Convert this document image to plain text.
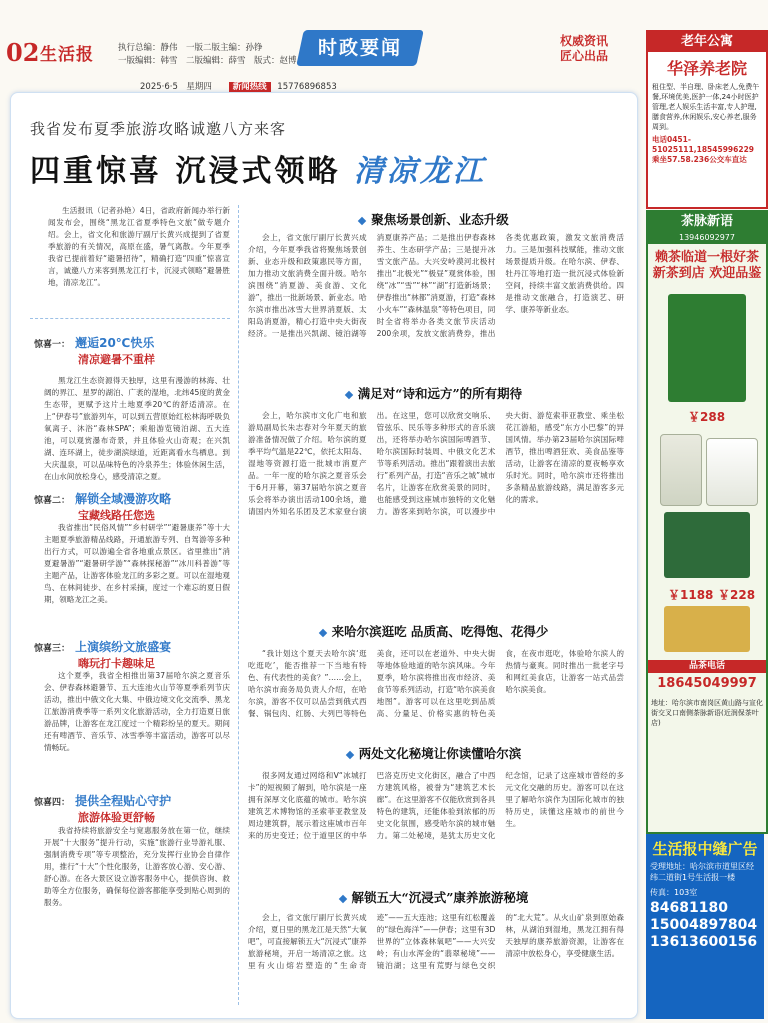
02 生活报	执行总编：静伟　一版二版主编：孙铮
一版编辑：韩雪　二版编辑：薛雪　版式：赵博
时政要闻	权威资讯
匠心出品
2025·6·5　星期四 新闻热线 15776896853
我省发布夏季旅游攻略诚邀八方来客
四重惊喜 沉浸式领略 清凉龙江

生活报讯（记者孙艳）4日，省政府新闻办举行新闻发布会，围绕“黑龙江省夏季特色文旅”做专题介绍。会上，省文化和旅游厅副厅长黄兴成提到了省夏季旅游的有关情况，高原在盛，暑气离散。今年夏季我省已提前着好“避暑招待”，精确打造“四重”惊喜宣言，诚邀八方来客到黑龙江打卡，沉浸式领略“避暑胜地，清凉龙江”。

惊喜一： 邂逅20℃快乐
清凉避暑不重样

黑龙江生态资源得天独厚，这里有漫游的林海、壮阔的界江、星罗的湖泊、广袤的湿地，北纬45度的黄金生态带，更赋予这片土地夏季20℃的舒适清凉。在上“伊春号”旅游列车，可以到五营原始红松林海呼吸负氧离子、沐浴“森林SPA”；乘船游览镜泊湖、五大连池，可以观赏瀑布奇景，并且体验火山奇观；在兴凯湖、连环湖上，徒步湖滨绿道，近距离看水鸟栖息。到大庆温泉，可以品味特色的冷泉养生；体验休闲生活，在山水间放松身心，感受清凉之夏。

惊喜二： 解锁全域漫游攻略
宝藏线路任您选

我省推出“民俗风情”“乡村研学”“避暑康养”等十大主题夏季旅游精品线路，开通旅游专列、自驾游等多种出行方式，可以游遍全省各地重点景区。省里推出“消夏避暑游”“避暑研学游”“森林探秘游”“冰川科普游”等主题产品，让游客体验龙江的多彩之夏。可以在湿地观鸟、在林间徒步、在乡村采摘，度过一个难忘的夏日假期，领略龙江之美。

惊喜三： 上演缤纷文旅盛宴
嗨玩打卡趣味足

这个夏季，我省全相推出第37届哈尔滨之夏音乐会、伊春森林避暑节、五大连池火山节等夏季系列节庆活动，推出中俄文化大集、中俄边境文化交流季、黑龙江旅游消费季等一系列文化旅游活动，全力打造夏日旅游品牌，让游客在龙江度过一个精彩纷呈的夏天。期间还有啤酒节、音乐节、冰雪季等丰富活动，游客可以尽情畅玩。

惊喜四： 提供全程贴心守护
旅游体验更舒畅

我省持续将旅游安全与宽惠服务放在第一位，继续开展“十大服务”提升行动，实施“旅游行业导游礼服、强制消费专项”等专项整治，充分发挥行业协会自律作用，推行“十大”个性化服务，让游客放心游、安心游、舒心游。在各大景区设立游客服务中心，提供咨询、救助等全方位服务，确保每位游客都能享受到贴心周到的服务。

聚焦场景创新、业态升级

会上，省文旅厅副厅长黄兴成介绍，今年夏季我省将聚焦场景创新、业态升级和政策惠民等方面，加力推动文旅消费全面升级。哈尔滨围绕“消夏游、美食游、文化游”，推出一批新场景、新业态。哈尔滨市推出冰雪大世界消夏版、太阳岛消夏游，精心打造中央大街夜经济。一是推出兴凯湖、镜泊湖等消夏康养产品；二是推出伊春森林养生、生态研学产品；三是提升冰雪文旅产品。大兴安岭漠河北极村推出“北极光”“极昼”观赏体验，围绕“冰”“雪”“林”“湖”打造新场景；伊春推出“林都”消夏游，打造“森林小火车”“森林温泉”等特色项目，同时全省将举办各类文旅节庆活动200余项，发放文旅消费券，推出各类优惠政策，激发文旅消费活力。三是加强科技赋能，推动文旅场景提质升级。在哈尔滨、伊春、牡丹江等地打造一批沉浸式体验新空间，持续丰富文旅消费供给。四是推动文旅融合，打造演艺、研学、康养等新业态。

满足对“诗和远方”的所有期待

会上，哈尔滨市文化广电和旅游局副局长朱志春对今年夏天的旅游准备情况做了介绍。哈尔滨的夏季平均气温是22℃，依托太阳岛、湿地等资源打造一批城市消夏产品。一年一度的哈尔滨之夏音乐会于6月开幕，第37届哈尔滨之夏音乐会将举办演出活动100余场，邀请国内外知名乐团及艺术家登台演出。在这里，您可以欣赏交响乐、管弦乐、民乐等多种形式的音乐演出，还将举办哈尔滨国际啤酒节、哈尔滨国际时装周、中俄文化艺术节等系列活动。推出“跟着演出去旅行”系列产品，打造“音乐之城”城市名片，让游客在欣赏美景的同时，也能感受到这座城市独特的文化魅力。游客来到哈尔滨，可以漫步中央大街、游览索菲亚教堂、乘坐松花江游船，感受“东方小巴黎”的异国风情。举办第23届哈尔滨国际啤酒节，推出啤酒狂欢、美食品鉴等活动，让游客在清凉的夏夜畅享欢乐时光。同时，哈尔滨市还将推出多条精品旅游线路，满足游客多元化的需求。

来哈尔滨逛吃 品质高、吃得饱、花得少

“我计划这个夏天去哈尔滨‘逛吃逛吃’，能否推荐一下当地有特色、有代表性的美食？”……会上，哈尔滨市商务局负责人介绍，在哈尔滨，游客不仅可以品尝到俄式西餐、锅包肉、红肠、大列巴等特色美食，还可以在老道外、中央大街等地体验地道的哈尔滨风味。今年夏季，哈尔滨将推出夜市经济、美食节等系列活动，打造“哈尔滨美食地图”。游客可以在这里吃到品质高、分量足、价格实惠的特色美食，在夜市逛吃，体验哈尔滨人的热情与豪爽。同时推出一批老字号和网红美食店，让游客一站式品尝哈尔滨美食。

两处文化秘境让你读懂哈尔滨

很多网友通过网络和V“冰城打卡”的短视频了解到，哈尔滨是一座拥有深厚文化底蕴的城市。哈尔滨建筑艺术博物馆的圣索菲亚教堂及周边建筑群，展示着这座城市百年来的历史变迁；位于道里区的中华巴洛克历史文化街区，融合了中西方建筑风格，被誉为“建筑艺术长廊”。在这里游客不仅能欣赏到各具特色的建筑，还能体验到浓郁的历史文化氛围，感受哈尔滨的城市魅力。第二处秘境，是犹太历史文化纪念馆，记录了这座城市曾经的多元文化交融的历史。游客可以在这里了解哈尔滨作为国际化城市的独特历史，读懂这座城市的前世今生。

解锁五大“沉浸式”康养旅游秘境

会上，省文旅厅副厅长黄兴成介绍，夏日里的黑龙江是天然“大氧吧”，可直接解锁五大“沉浸式”康养旅游秘境，开启一场清凉之旅。这里有火山熔岩塑造的“生命奇迹”——五大连池；这里有红松覆盖的“绿色海洋”——伊春；这里有3D世界的“立体森林氧吧”——大兴安岭；有山水浑金的“翡翠秘境”——镜泊湖；这里有荒野与绿色交织的“北大荒”。从火山矿泉到原始森林，从湖泊到湿地，黑龙江拥有得天独厚的康养旅游资源，让游客在清凉中放松身心，享受健康生活。

老年公寓
华泽养老院
租住型、半自理、卧床老人,免费午餐,环境优美,医护一体,24小时医护管理,老人娱乐生活丰富,专人护理,膳食营养,休闲娱乐,安心养老,服务周到。
电话0451-51025111,18545996229
乘坐57.58.236公交车直达
茶脉新语
13946092977
赖茶临道一根好茶
新茶到店 欢迎品鉴
￥288
￥1188 ￥228
品茶电话
18645049997
地址：哈尔滨市南岗区黄山路与宣化街交叉口南侧茶脉新语(近润保茶叶店)
生活报中缝广告
受理地址：哈尔滨市道里区经纬二道街1号生活报一楼
传真：103室
84681180
15004897804
13613600156
